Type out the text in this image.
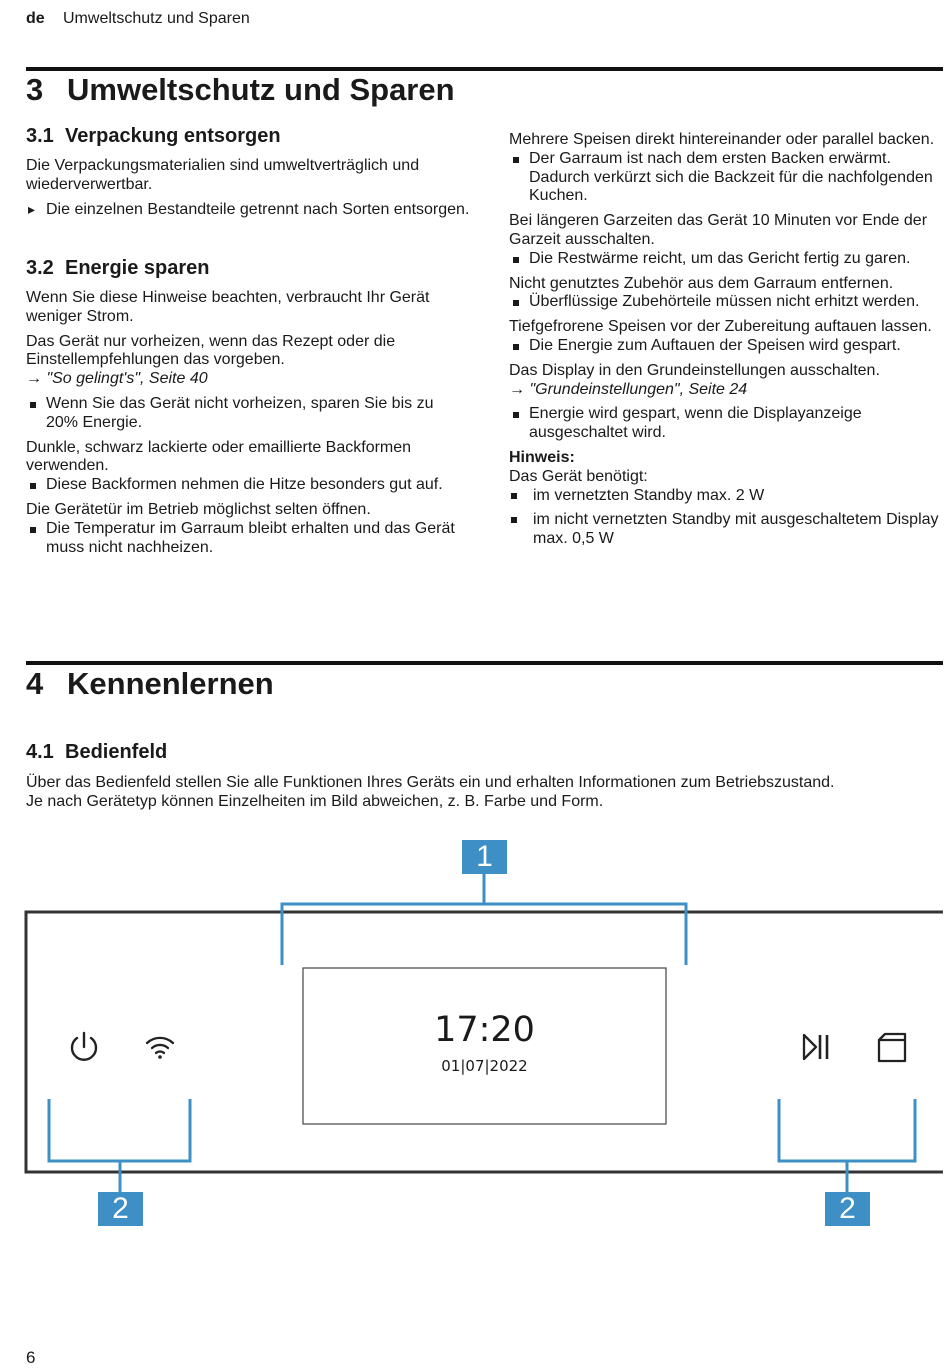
de Umweltschutz und Sparen
3 Umweltschutz und Sparen
3.1 Verpackung entsorgen

Die Verpackungsmaterialien sind umweltverträglich und wiederverwertbar.

▸ Die einzelnen Bestandteile getrennt nach Sorten entsorgen.

3.2 Energie sparen

Wenn Sie diese Hinweise beachten, verbraucht Ihr Gerät weniger Strom.

Das Gerät nur vorheizen, wenn das Rezept oder die Einstellempfehlungen das vorgeben.

→ "So gelingt's", Seite 40

Wenn Sie das Gerät nicht vorheizen, sparen Sie bis zu 20% Energie.

Dunkle, schwarz lackierte oder emaillierte Backformen verwenden.

Diese Backformen nehmen die Hitze besonders gut auf.

Die Gerätetür im Betrieb möglichst selten öffnen.

Die Temperatur im Garraum bleibt erhalten und das Gerät muss nicht nachheizen.

Mehrere Speisen direkt hintereinander oder parallel backen.

Der Garraum ist nach dem ersten Backen erwärmt. Dadurch verkürzt sich die Backzeit für die nachfolgenden Kuchen.

Bei längeren Garzeiten das Gerät 10 Minuten vor Ende der Garzeit ausschalten.

Die Restwärme reicht, um das Gericht fertig zu garen.

Nicht genutztes Zubehör aus dem Garraum entfernen.

Überflüssige Zubehörteile müssen nicht erhitzt werden.

Tiefgefrorene Speisen vor der Zubereitung auftauen lassen.

Die Energie zum Auftauen der Speisen wird gespart.

Das Display in den Grundeinstellungen ausschalten.

→ "Grundeinstellungen", Seite 24

Energie wird gespart, wenn die Displayanzeige ausgeschaltet wird.

Hinweis:

Das Gerät benötigt:

im vernetzten Standby max. 2 W

im nicht vernetzten Standby mit ausgeschaltetem Display max. 0,5 W

4 Kennenlernen
4.1 Bedienfeld

Über das Bedienfeld stellen Sie alle Funktionen Ihres Geräts ein und erhalten Informationen zum Betriebszustand.

Je nach Gerätetyp können Einzelheiten im Bild abweichen, z. B. Farbe und Form.

17:20
01|07|2022
1
2	2
6
